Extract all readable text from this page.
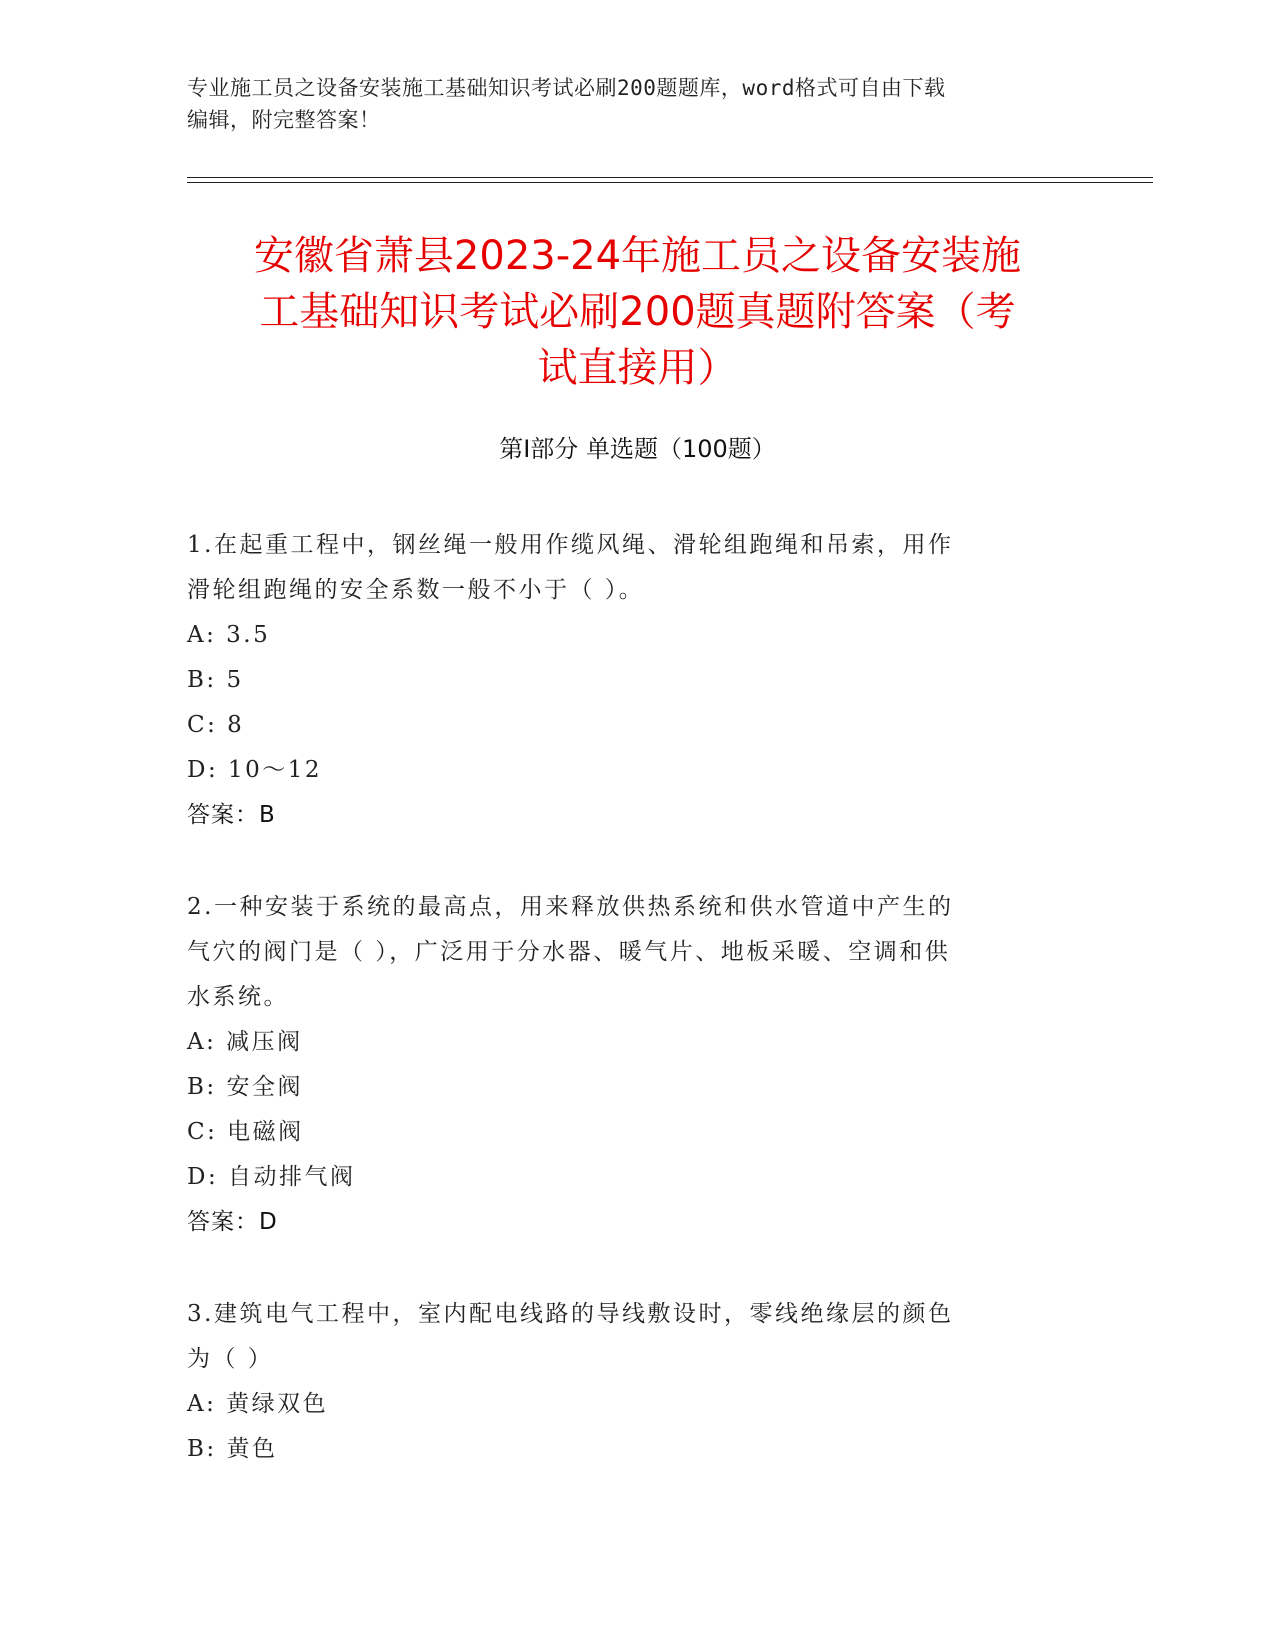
专业施工员之设备安装施工基础知识考试必刷200题题库，word格式可自由下载
编辑，附完整答案！
安徽省萧县2023-24年施工员之设备安装施
工基础知识考试必刷200题真题附答案（考
试直接用）
第Ⅰ部分 单选题（100题）

1.在起重工程中，钢丝绳一般用作缆风绳、滑轮组跑绳和吊索，用作
滑轮组跑绳的安全系数一般不小于（ ）。

A: 3.5

B: 5

C: 8

D: 10～12

答案：B

2.一种安装于系统的最高点，用来释放供热系统和供水管道中产生的
气穴的阀门是（ ），广泛用于分水器、暖气片、地板采暖、空调和供
水系统。

A: 减压阀

B: 安全阀

C: 电磁阀

D: 自动排气阀

答案：D

3.建筑电气工程中，室内配电线路的导线敷设时，零线绝缘层的颜色
为（ ）

A: 黄绿双色

B: 黄色
